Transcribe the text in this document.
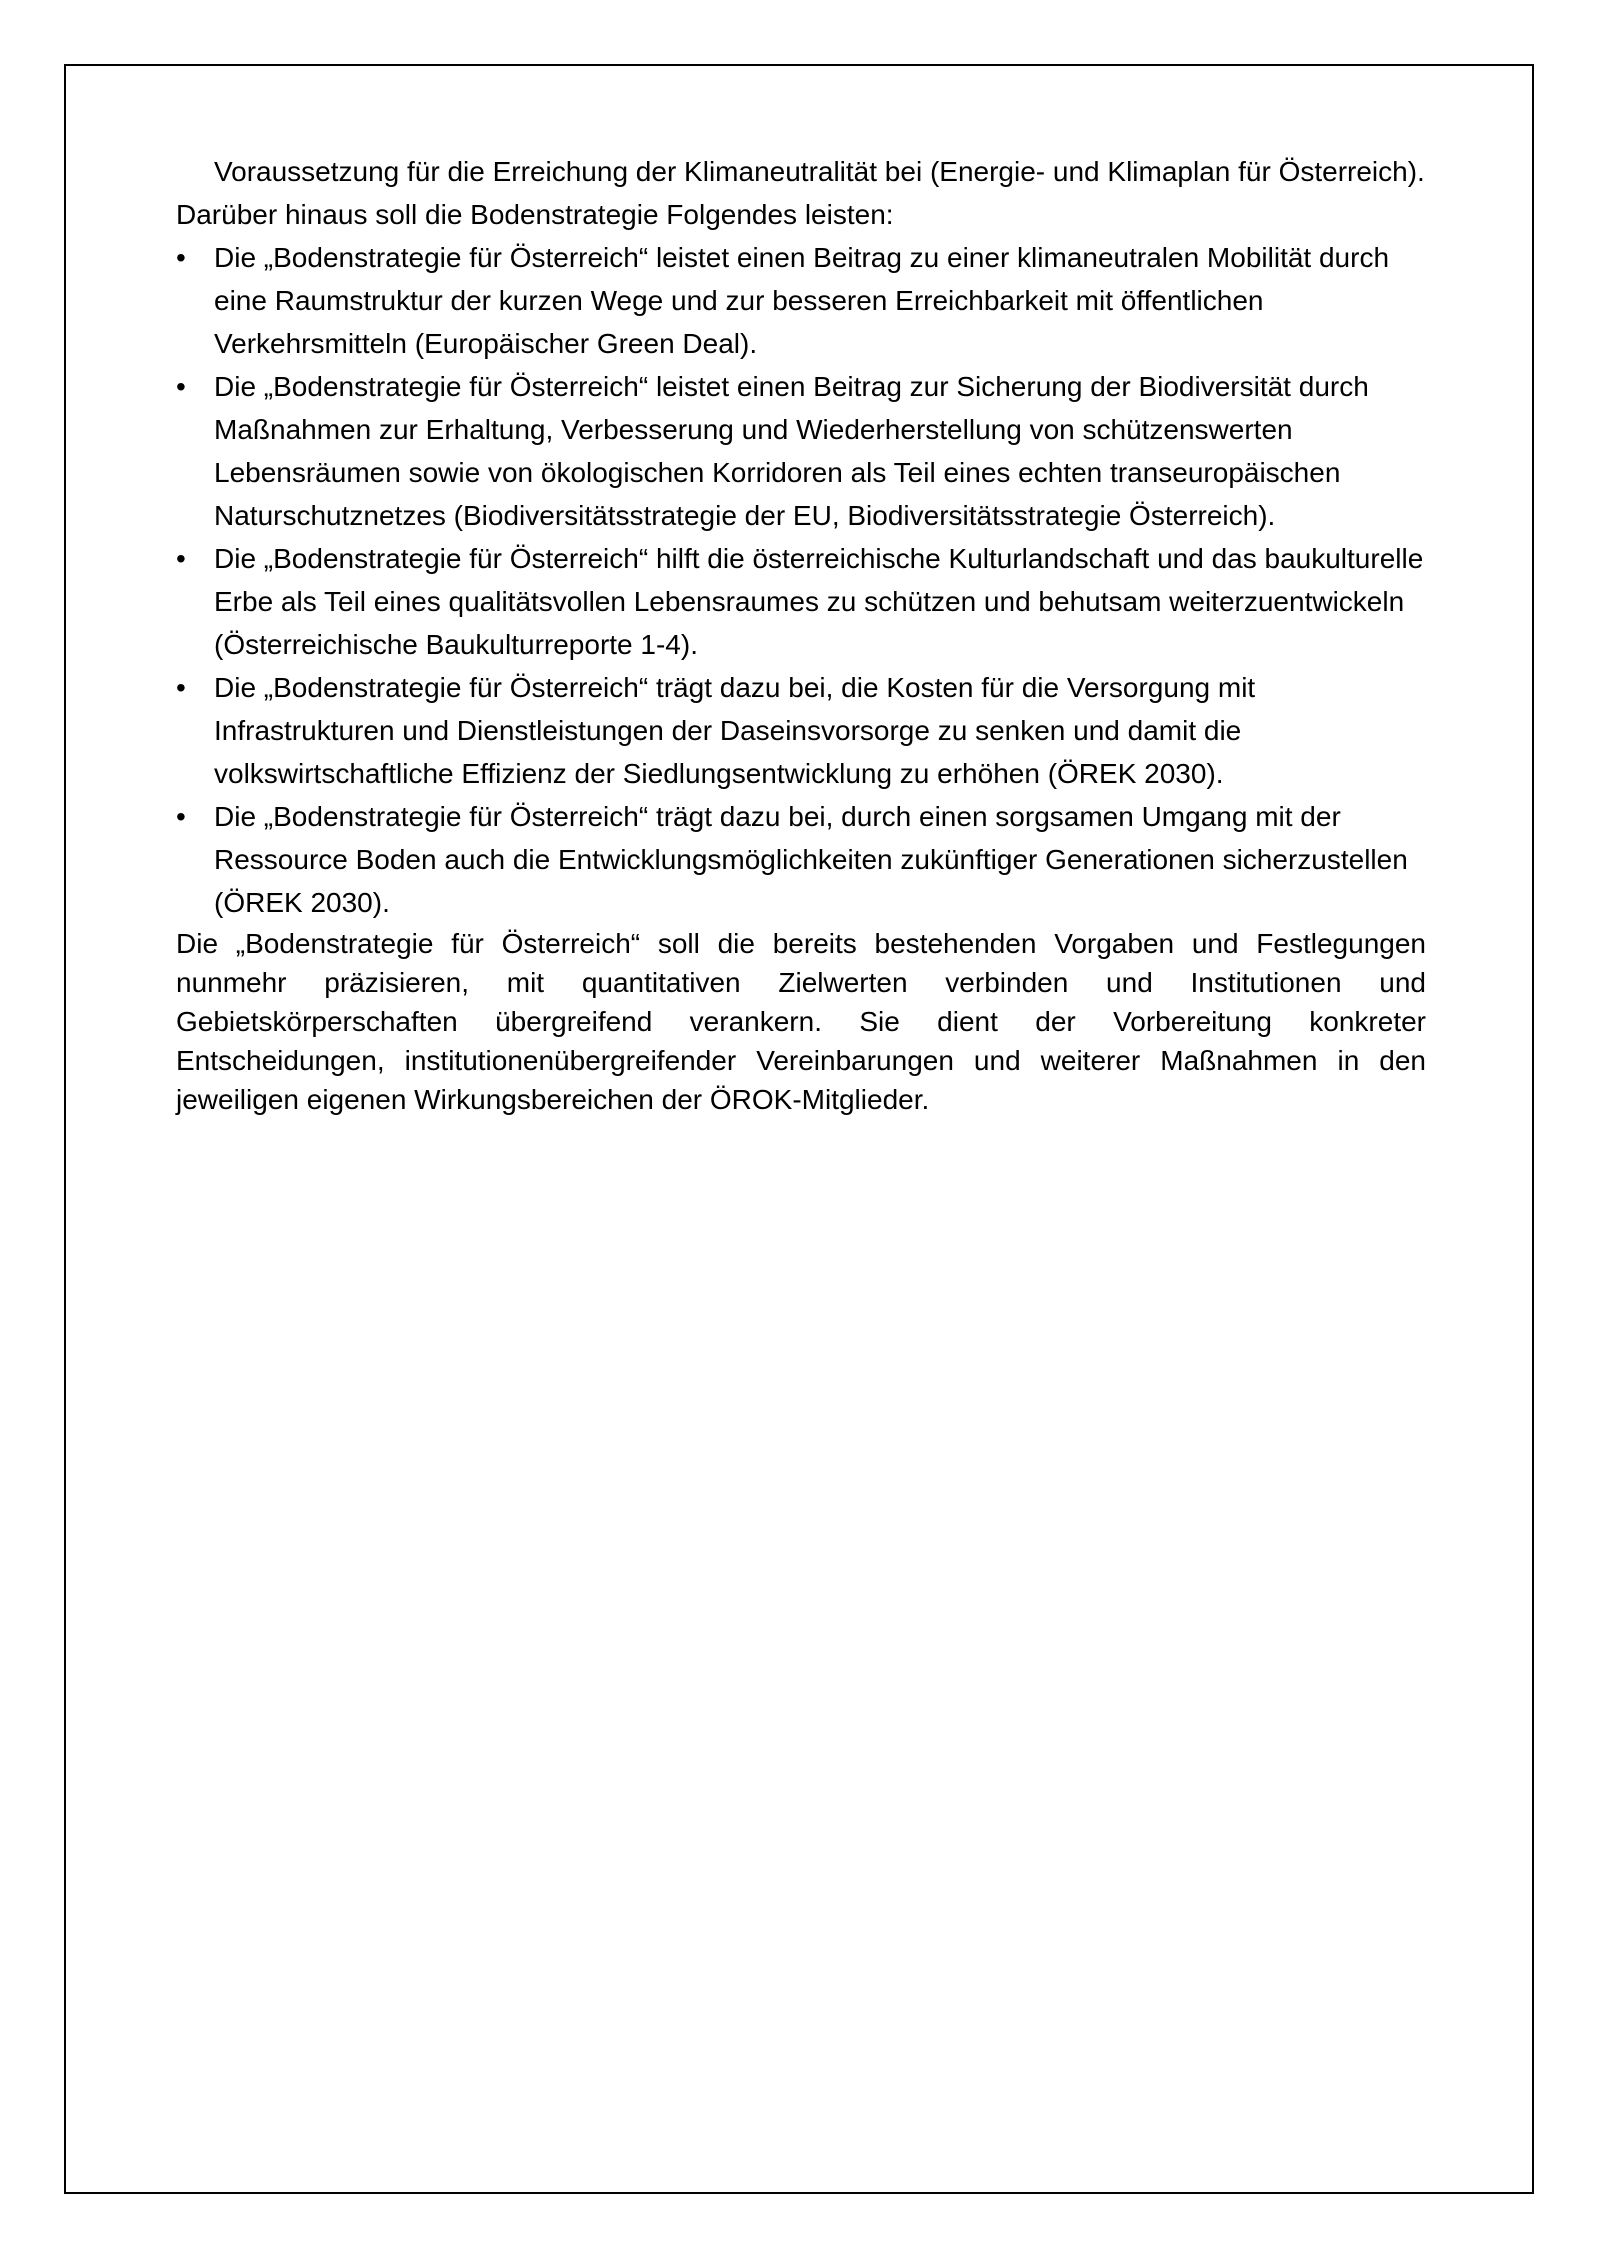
Voraussetzung für die Erreichung der Klimaneutralität bei (Energie- und Klimaplan für Österreich).

Darüber hinaus soll die Bodenstrategie Folgendes leisten:

•	Die „Bodenstrategie für Österreich“ leistet einen Beitrag zu einer klimaneutralen Mobilität durch eine Raumstruktur der kurzen Wege und zur besseren Erreichbarkeit mit öffentlichen Verkehrsmitteln (Europäischer Green Deal).
•	Die „Bodenstrategie für Österreich“ leistet einen Beitrag zur Sicherung der Biodiversität durch Maßnahmen zur Erhaltung, Verbesserung und Wiederherstellung von schützenswerten Lebensräumen sowie von ökologischen Korridoren als Teil eines echten transeuropäischen Naturschutznetzes (Biodiversitätsstrategie der EU, Biodiversitätsstrategie Österreich).
•	Die „Bodenstrategie für Österreich“ hilft die österreichische Kulturlandschaft und das baukulturelle Erbe als Teil eines qualitätsvollen Lebensraumes zu schützen und behutsam weiterzuentwickeln (Österreichische Baukulturreporte 1-4).
•	Die „Bodenstrategie für Österreich“ trägt dazu bei, die Kosten für die Versorgung mit Infrastrukturen und Dienstleistungen der Daseinsvorsorge zu senken und damit die volkswirtschaftliche Effizienz der Siedlungsentwicklung zu erhöhen (ÖREK 2030).
•	Die „Bodenstrategie für Österreich“ trägt dazu bei, durch einen sorgsamen Umgang mit der Ressource Boden auch die Entwicklungsmöglichkeiten zukünftiger Generationen sicherzustellen (ÖREK 2030).

Die „Bodenstrategie für Österreich“ soll die bereits bestehenden Vorgaben und Festlegungen nunmehr präzisieren, mit quantitativen Zielwerten verbinden und Institutionen und Gebietskörperschaften übergreifend verankern. Sie dient der Vorbereitung konkreter Entscheidungen, institutionenübergreifender Vereinbarungen und weiterer Maßnahmen in den jeweiligen eigenen Wirkungsbereichen der ÖROK-Mitglieder.
